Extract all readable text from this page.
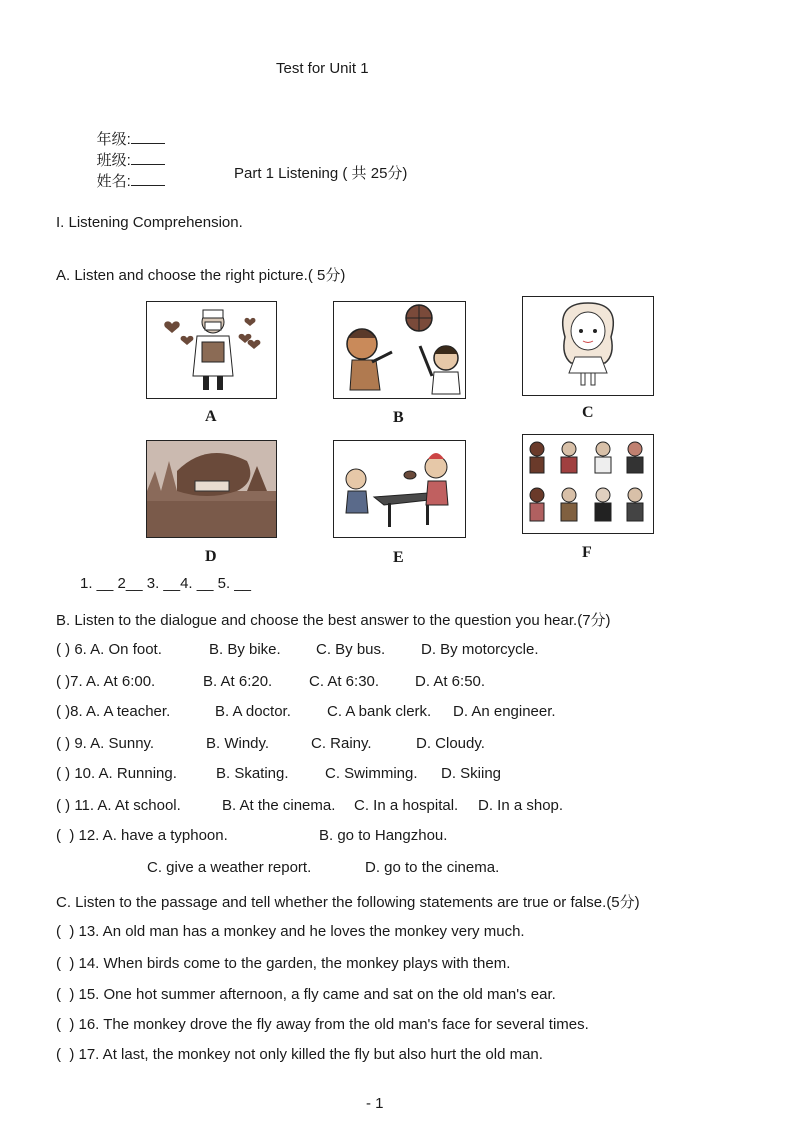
Test for Unit 1

年级:
班级:
姓名:
	Part 1 Listening ( 共 25分)
I. Listening Comprehension.
A. Listen and choose the right picture.( 5分)
A	B	C
D	E	F
1. __ 2__ 3. __4. __ 5. __
B. Listen to the dialogue and choose the best answer to the question you hear.(7分)
( ) 6. A. On foot.	B. By bike. C. By bus. D. By motorcycle.
( )7. A. At 6:00.	B. At 6:20. C. At 6:30. D. At 6:50.
( )8. A. A teacher.	B. A doctor. C. A bank clerk. D. An engineer.
( ) 9. A. Sunny.	B. Windy.	C. Rainy.	D. Cloudy.
( ) 10. A. Running.	B. Skating. C. Swimming. D. Skiing
( ) 11. A. At school.	B. At the cinema. C. In a hospital. D. In a shop.
(  ) 12. A. have a typhoon.	B. go to Hangzhou.
C. give a weather report.	D. go to the cinema.
C. Listen to the passage and tell whether the following statements are true or false.(5分)
(  ) 13. An old man has a monkey and he loves the monkey very much.
(  ) 14. When birds come to the garden, the monkey plays with them.
(  ) 15. One hot summer afternoon, a fly came and sat on the old man's ear.
(  ) 16. The monkey drove the fly away from the old man's face for several times.
(  ) 17. At last, the monkey not only killed the fly but also hurt the old man.
- 1
